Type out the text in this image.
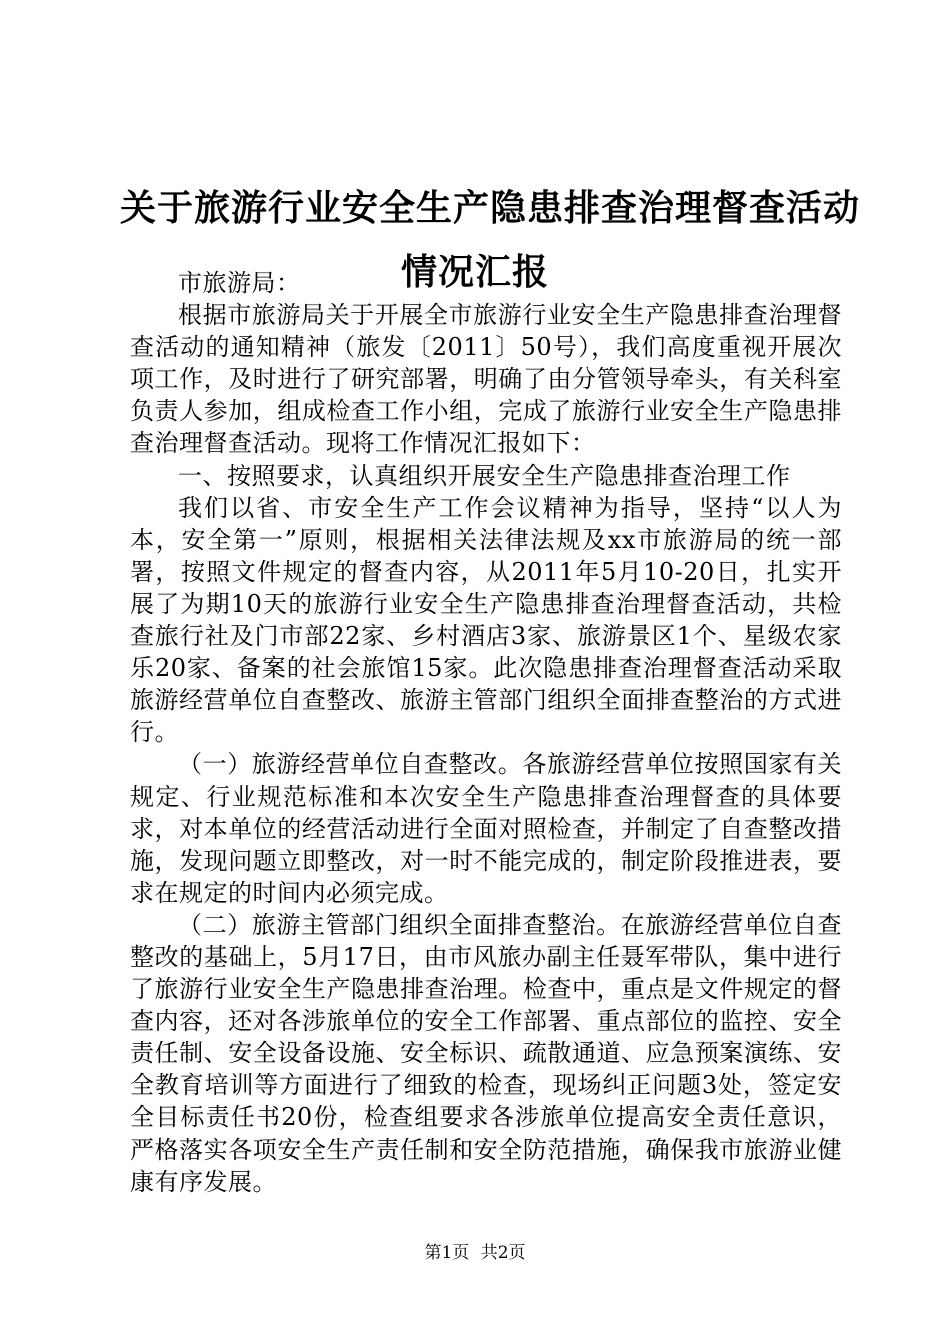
关于旅游行业安全生产隐患排查治理督查活动
情况汇报

市旅游局：

根据市旅游局关于开展全市旅游行业安全生产隐患排查治理督查活动的通知精神（旅发〔2011〕50号），我们高度重视开展次项工作，及时进行了研究部署，明确了由分管领导牵头，有关科室负责人参加，组成检查工作小组，完成了旅游行业安全生产隐患排查治理督查活动。现将工作情况汇报如下：

一、按照要求，认真组织开展安全生产隐患排查治理工作

我们以省、市安全生产工作会议精神为指导，坚持“以人为本，安全第一”原则，根据相关法律法规及xx市旅游局的统一部署，按照文件规定的督查内容，从2011年5月10-20日，扎实开展了为期10天的旅游行业安全生产隐患排查治理督查活动，共检查旅行社及门市部22家、乡村酒店3家、旅游景区1个、星级农家乐20家、备案的社会旅馆15家。此次隐患排查治理督查活动采取旅游经营单位自查整改、旅游主管部门组织全面排查整治的方式进行。

（一）旅游经营单位自查整改。各旅游经营单位按照国家有关规定、行业规范标准和本次安全生产隐患排查治理督查的具体要求，对本单位的经营活动进行全面对照检查，并制定了自查整改措施，发现问题立即整改，对一时不能完成的，制定阶段推进表，要求在规定的时间内必须完成。

（二）旅游主管部门组织全面排查整治。在旅游经营单位自查整改的基础上，5月17日，由市风旅办副主任聂军带队，集中进行了旅游行业安全生产隐患排查治理。检查中，重点是文件规定的督查内容，还对各涉旅单位的安全工作部署、重点部位的监控、安全责任制、安全设备设施、安全标识、疏散通道、应急预案演练、安全教育培训等方面进行了细致的检查，现场纠正问题3处，签定安全目标责任书20份，检查组要求各涉旅单位提高安全责任意识，严格落实各项安全生产责任制和安全防范措施，确保我市旅游业健康有序发展。

第1页 共2页
